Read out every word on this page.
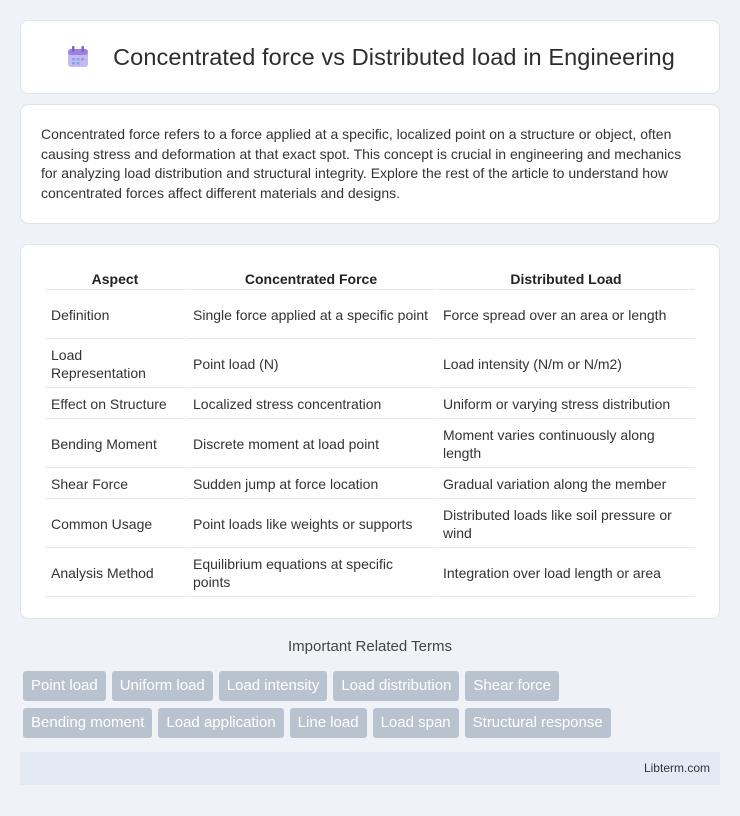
Concentrated force vs Distributed load in Engineering

Concentrated force refers to a force applied at a specific, localized point on a structure or object, often causing stress and deformation at that exact spot. This concept is crucial in engineering and mechanics for analyzing load distribution and structural integrity. Explore the rest of the article to understand how concentrated forces affect different materials and designs.

Aspect	Concentrated Force	Distributed Load
Definition	Single force applied at a specific point	Force spread over an area or length
Load Representation	Point load (N)	Load intensity (N/m or N/m2)
Effect on Structure	Localized stress concentration	Uniform or varying stress distribution
Bending Moment	Discrete moment at load point	Moment varies continuously along length
Shear Force	Sudden jump at force location	Gradual variation along the member
Common Usage	Point loads like weights or supports	Distributed loads like soil pressure or wind
Analysis Method	Equilibrium equations at specific points	Integration over load length or area
Important Related Terms
Point load	Uniform load	Load intensity	Load distribution	Shear force
Bending moment	Load application	Line load	Load span	Structural response
Libterm.com
